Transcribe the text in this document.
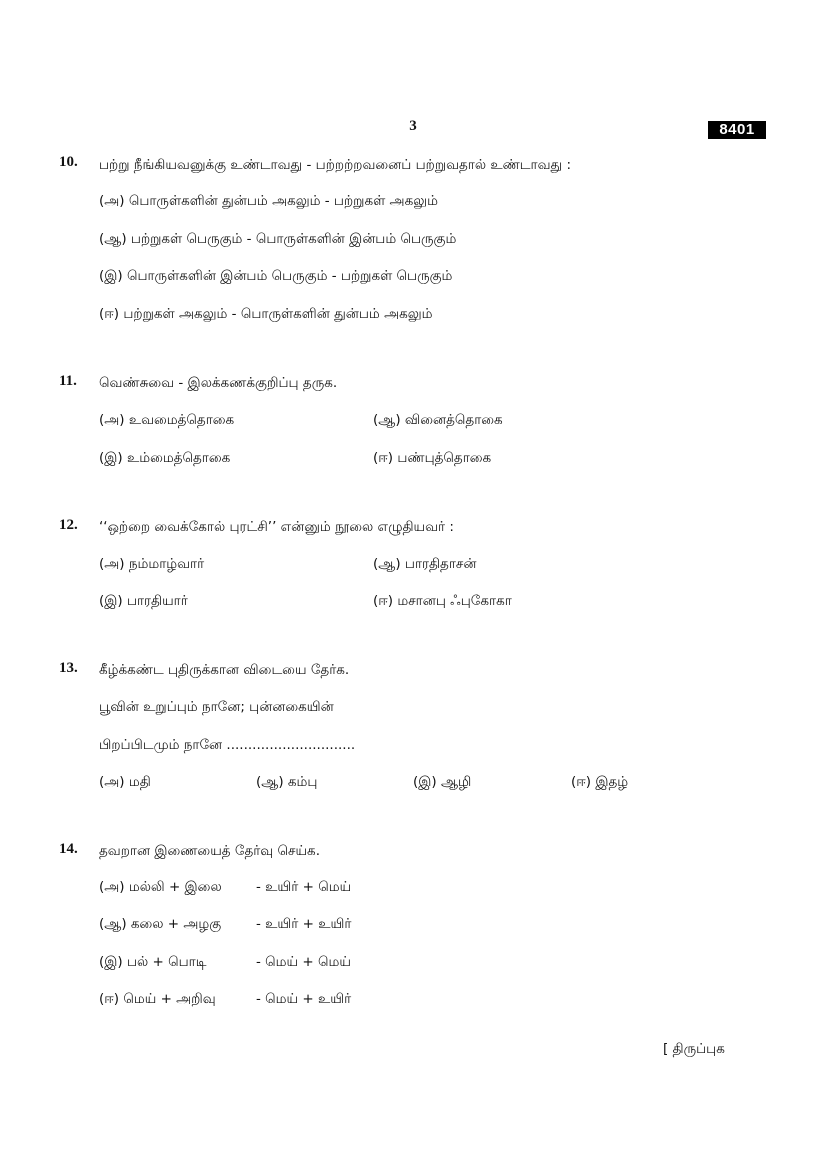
3	8401
10. பற்று நீங்கியவனுக்கு உண்டாவது - பற்றற்றவனைப் பற்றுவதால் உண்டாவது :
(அ) பொருள்களின் துன்பம் அகலும் - பற்றுகள் அகலும்
(ஆ) பற்றுகள் பெருகும் - பொருள்களின் இன்பம் பெருகும்
(இ) பொருள்களின் இன்பம் பெருகும் - பற்றுகள் பெருகும்
(ஈ) பற்றுகள் அகலும் - பொருள்களின் துன்பம் அகலும்
11. வெண்சுவை - இலக்கணக்குறிப்பு தருக.
(அ) உவமைத்தொகை	(ஆ) வினைத்தொகை
(இ) உம்மைத்தொகை	(ஈ) பண்புத்தொகை
12. ‘‘ஒற்றை வைக்கோல் புரட்சி’’ என்னும் நூலை எழுதியவர் :
(அ) நம்மாழ்வார்	(ஆ) பாரதிதாசன்
(இ) பாரதியார்	(ஈ) மசானபு ஃபுகோகா
13. கீழ்க்கண்ட புதிருக்கான விடையை தேர்க.
பூவின் உறுப்பும் நானே; புன்னகையின்
பிறப்பிடமும் நானே ..............................
(அ) மதி	(ஆ) கம்பு	(இ) ஆழி	(ஈ) இதழ்
14. தவறான இணையைத் தேர்வு செய்க.
(அ) மல்லி + இலை	- உயிர் + மெய்
(ஆ) கலை + அழகு	- உயிர் + உயிர்
(இ) பல் + பொடி	- மெய் + மெய்
(ஈ) மெய் + அறிவு	- மெய் + உயிர்
[ திருப்புக
